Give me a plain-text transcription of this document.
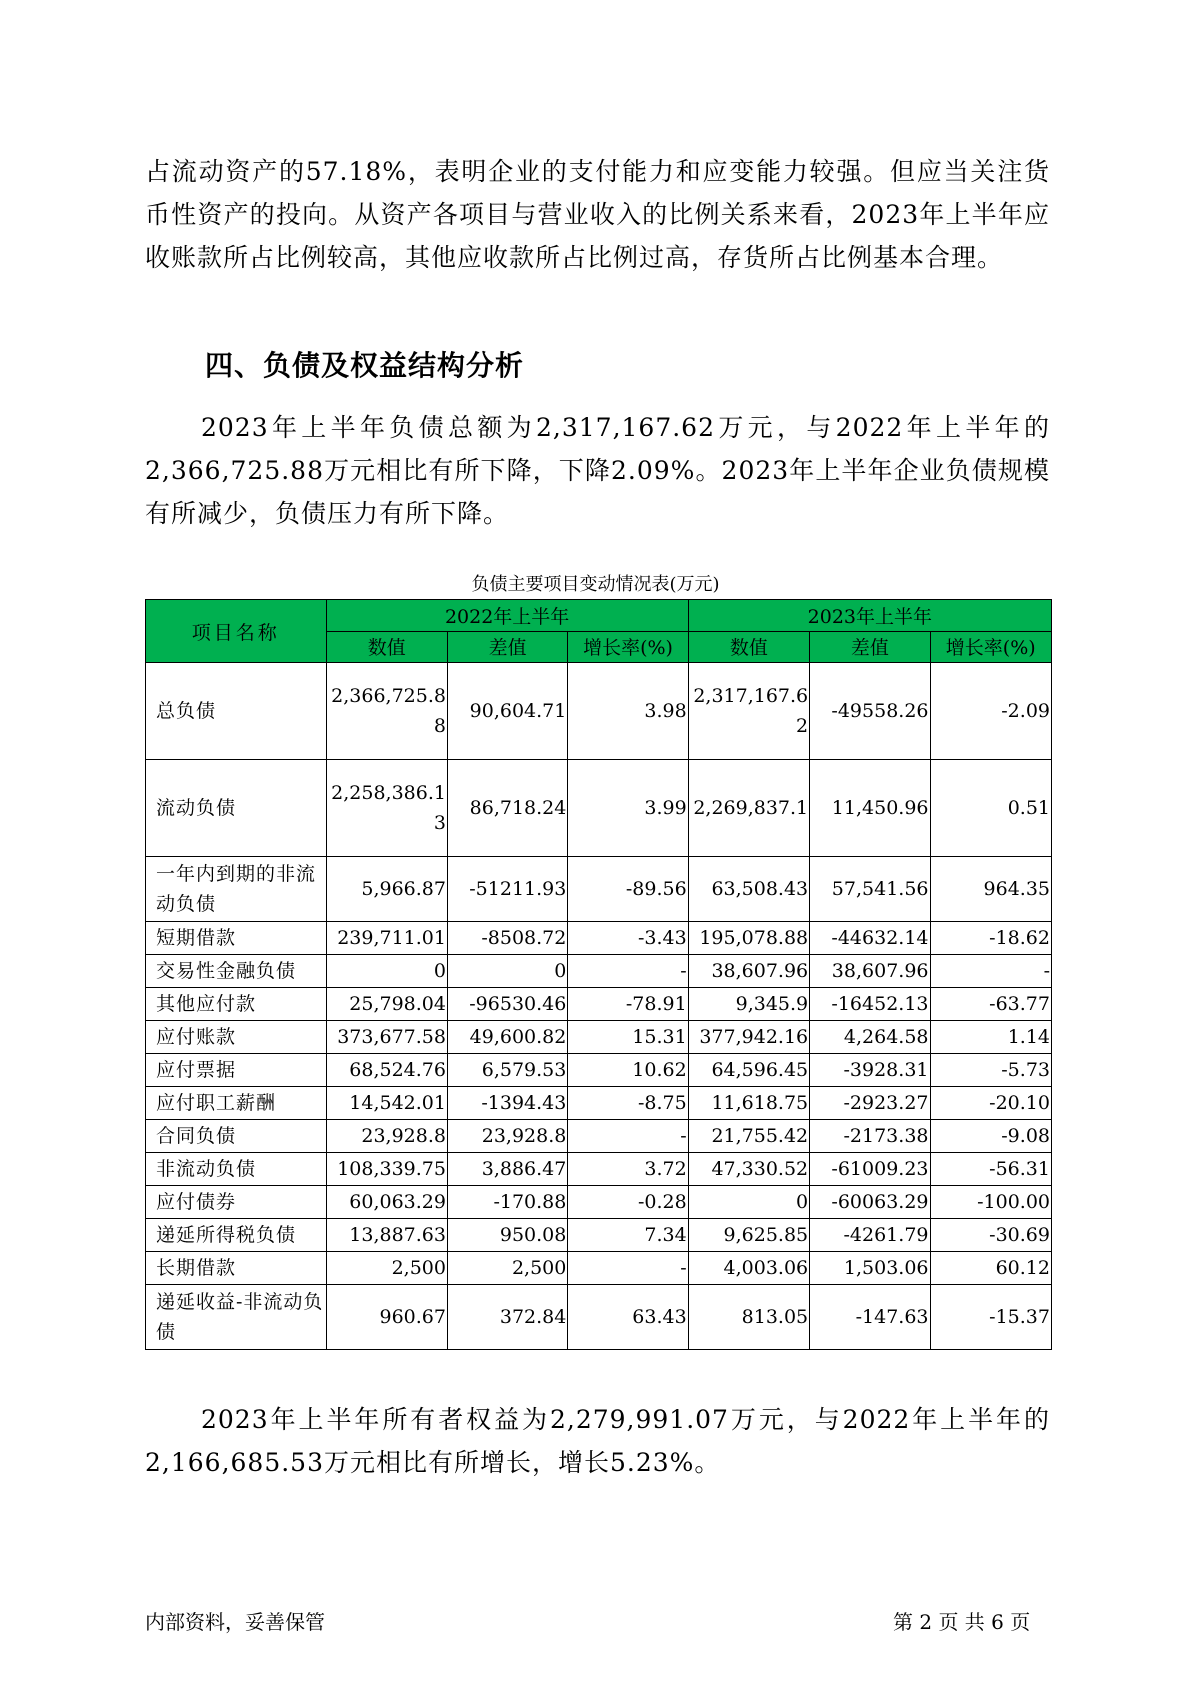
占流动资产的57.18%，表明企业的支付能力和应变能力较强。但应当关注货币性资产的投向。从资产各项目与营业收入的比例关系来看，2023年上半年应收账款所占比例较高，其他应收款所占比例过高，存货所占比例基本合理。

四、负债及权益结构分析

2023年上半年负债总额为2,317,167.62万元，与2022年上半年的2,366,725.88万元相比有所下降，下降2.09%。2023年上半年企业负债规模有所减少，负债压力有所下降。

负债主要项目变动情况表(万元)

项目名称	2022年上半年			2023年上半年		
	数值	差值	增长率(%)	数值	差值	增长率(%)
总负债	2,366,725.88	90,604.71	3.98	2,317,167.62	-49558.26	-2.09
流动负债	2,258,386.13	86,718.24	3.99	2,269,837.1	11,450.96	0.51
一年内到期的非流动负债	5,966.87	-51211.93	-89.56	63,508.43	57,541.56	964.35
短期借款	239,711.01	-8508.72	-3.43	195,078.88	-44632.14	-18.62
交易性金融负债	0	0	-	38,607.96	38,607.96	-
其他应付款	25,798.04	-96530.46	-78.91	9,345.9	-16452.13	-63.77
应付账款	373,677.58	49,600.82	15.31	377,942.16	4,264.58	1.14
应付票据	68,524.76	6,579.53	10.62	64,596.45	-3928.31	-5.73
应付职工薪酬	14,542.01	-1394.43	-8.75	11,618.75	-2923.27	-20.10
合同负债	23,928.8	23,928.8	-	21,755.42	-2173.38	-9.08
非流动负债	108,339.75	3,886.47	3.72	47,330.52	-61009.23	-56.31
应付债券	60,063.29	-170.88	-0.28	0	-60063.29	-100.00
递延所得税负债	13,887.63	950.08	7.34	9,625.85	-4261.79	-30.69
长期借款	2,500	2,500	-	4,003.06	1,503.06	60.12
递延收益-非流动负债	960.67	372.84	63.43	813.05	-147.63	-15.37

2023年上半年所有者权益为2,279,991.07万元，与2022年上半年的2,166,685.53万元相比有所增长，增长5.23%。

内部资料，妥善保管	第 2 页 共 6 页
